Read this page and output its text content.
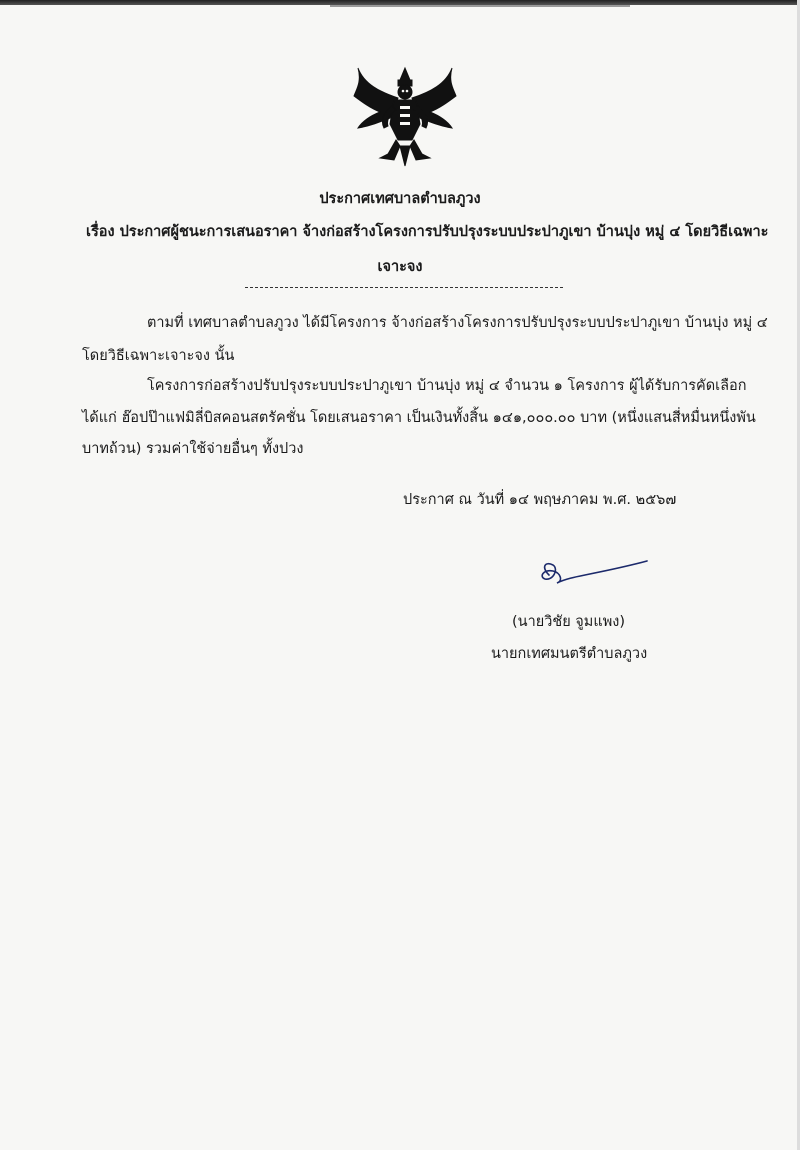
ประกาศเทศบาลตำบลภูวง
เรื่อง ประกาศผู้ชนะการเสนอราคา จ้างก่อสร้างโครงการปรับปรุงระบบประปาภูเขา บ้านบุ่ง หมู่ ๔ โดยวิธีเฉพาะ
เจาะจง
ตามที่ เทศบาลตำบลภูวง ได้มีโครงการ จ้างก่อสร้างโครงการปรับปรุงระบบประปาภูเขา บ้านบุ่ง หมู่ ๔
โดยวิธีเฉพาะเจาะจง นั้น
โครงการก่อสร้างปรับปรุงระบบประปาภูเขา บ้านบุ่ง หมู่ ๔ จำนวน ๑ โครงการ ผู้ได้รับการคัดเลือก
ได้แก่ ฮ๊อปป๊าแฟมิลี่บิสคอนสตรัคชั่น โดยเสนอราคา เป็นเงินทั้งสิ้น ๑๔๑,๐๐๐.๐๐ บาท (หนึ่งแสนสี่หมื่นหนึ่งพัน
บาทถ้วน) รวมค่าใช้จ่ายอื่นๆ ทั้งปวง
ประกาศ ณ วันที่ ๑๔ พฤษภาคม พ.ศ. ๒๕๖๗
(นายวิชัย จูมแพง)
นายกเทศมนตรีตำบลภูวง
